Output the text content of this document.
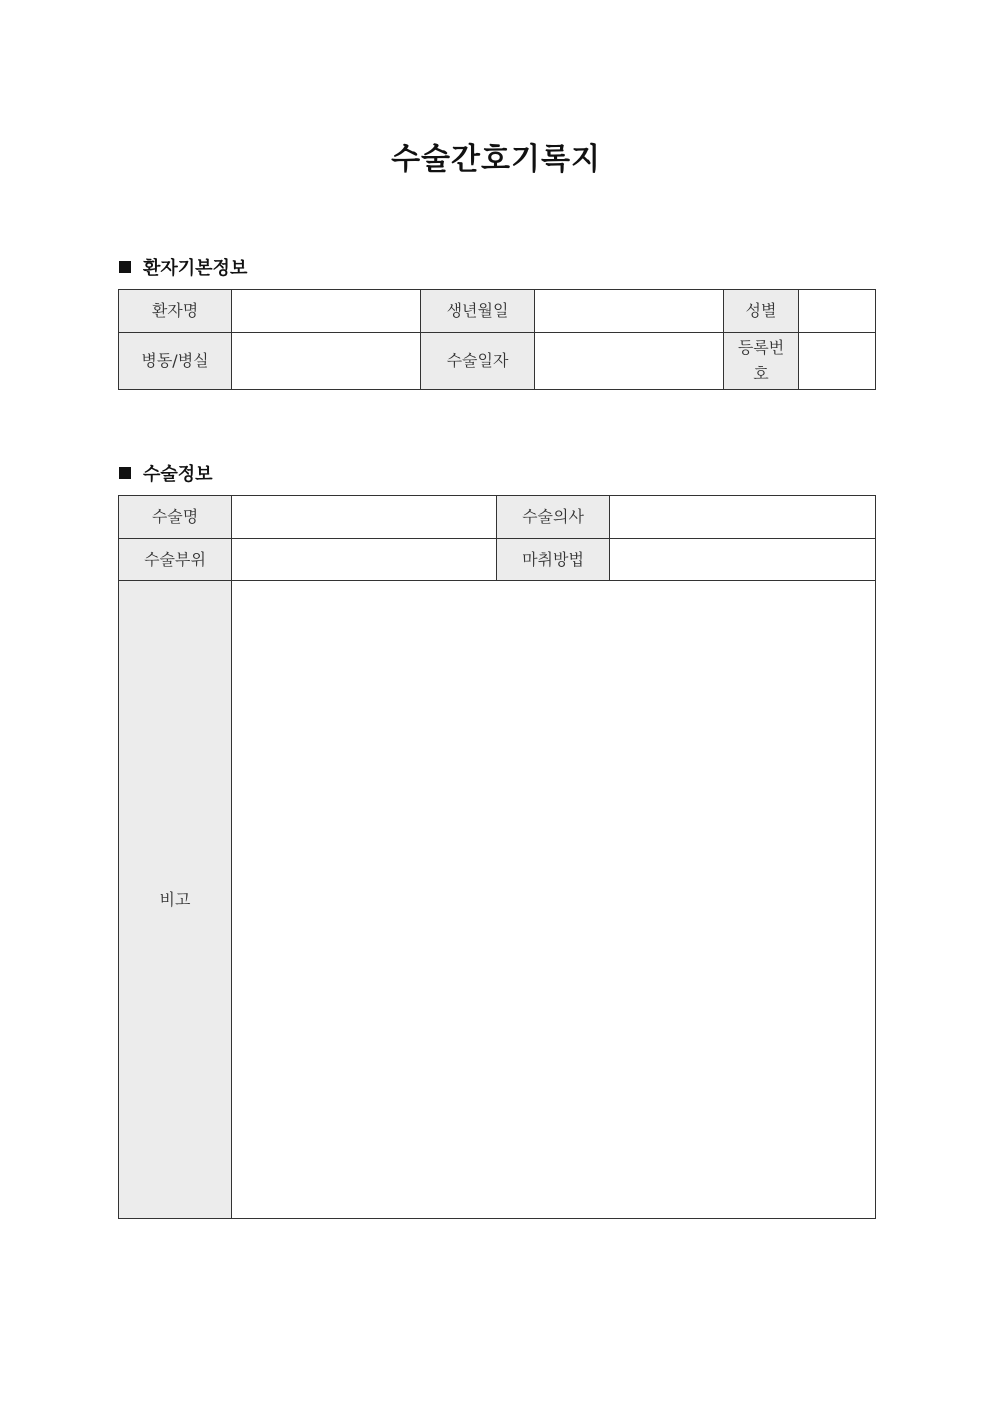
수술간호기록지
환자기본정보
환자명		생년월일		성별	
병동/병실		수술일자		등록번
호	
수술정보
수술명		수술의사	
수술부위		마취방법	
비고			
